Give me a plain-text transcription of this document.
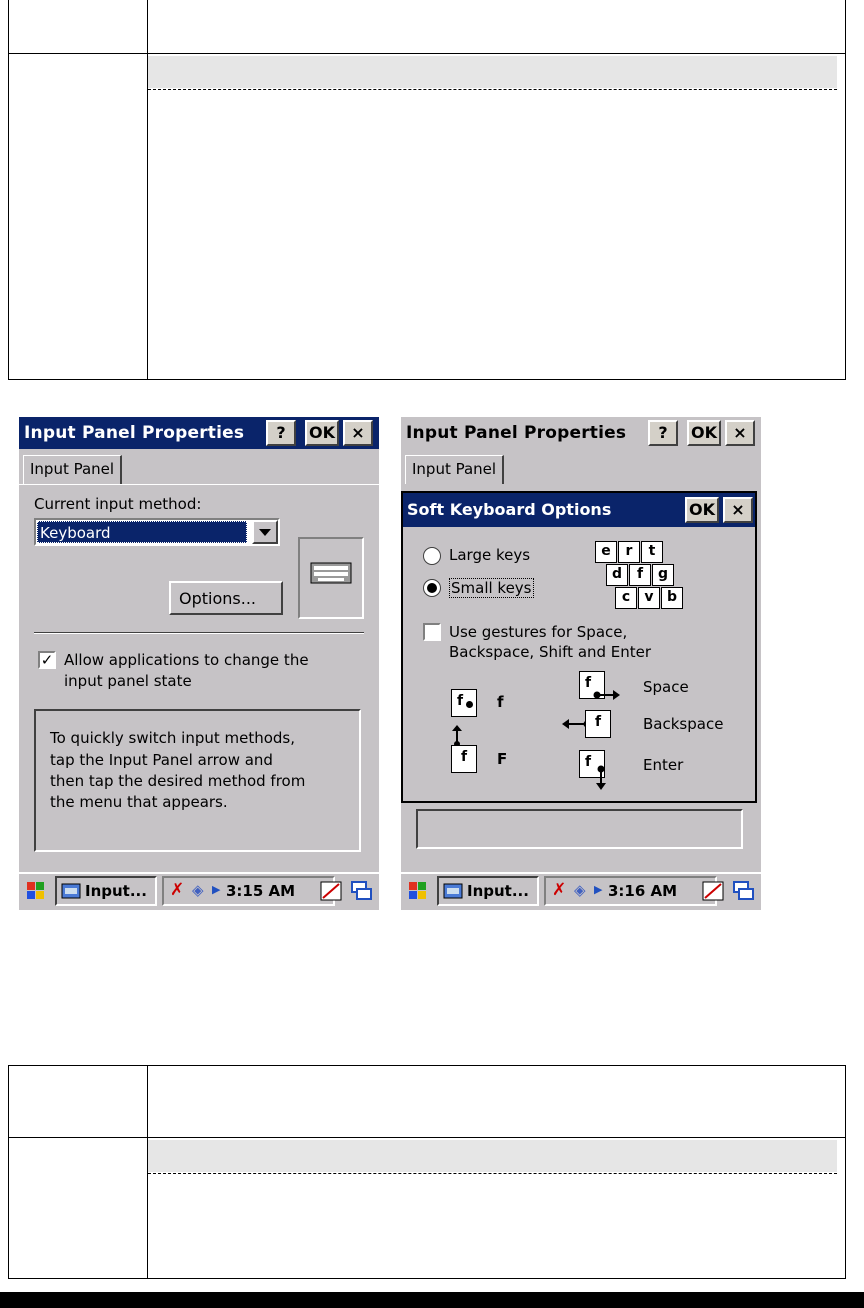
Input Panel Properties	?	OK	×
Input Panel
Current input method:
Keyboard
Options...
✓ Allow applications to change the
input panel state
To quickly switch input methods,
tap the Input Panel arrow and
then tap the desired method from
the menu that appears.
Input... ✗ ◈ ▶ 3:15 AM
Input Panel Properties	?	OK	×
Input Panel
Soft Keyboard Options	OK	×
Large keys
Small keys
e	r	t
d	f	g
c	v b
Use gestures for Space,
Backspace, Shift and Enter
f f
f F
f	Space
f	Backspace
f	Enter
Input... ✗ ◈ ▶ 3:16 AM
